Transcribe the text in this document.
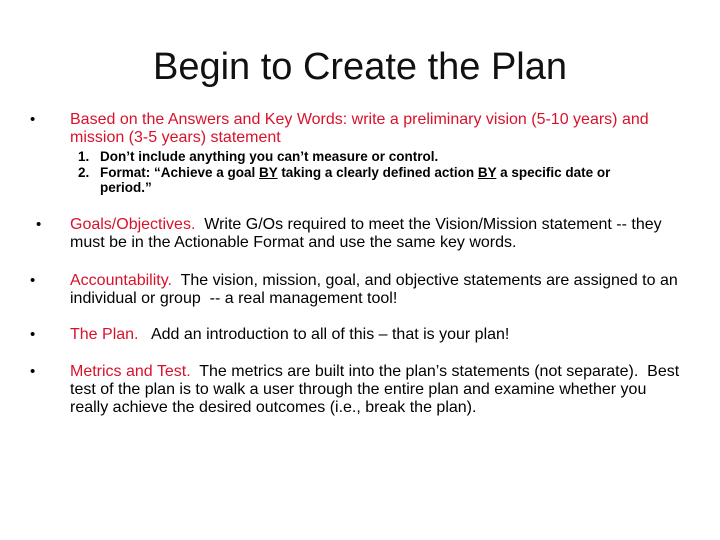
Begin to Create the Plan
•	Based on the Answers and Key Words: write a preliminary vision (5-10 years) and mission (3-5 years) statement
1. Don’t include anything you can’t measure or control.
2. Format: “Achieve a goal BY taking a clearly defined action BY a specific date or period.”
•	Goals/Objectives.  Write G/Os required to meet the Vision/Mission statement -- they must be in the Actionable Format and use the same key words.
•	Accountability.  The vision, mission, goal, and objective statements are assigned to an individual or group  -- a real management tool!
•	The Plan.   Add an introduction to all of this – that is your plan!
•	Metrics and Test.  The metrics are built into the plan’s statements (not separate).  Best test of the plan is to walk a user through the entire plan and examine whether you really achieve the desired outcomes (i.e., break the plan).
